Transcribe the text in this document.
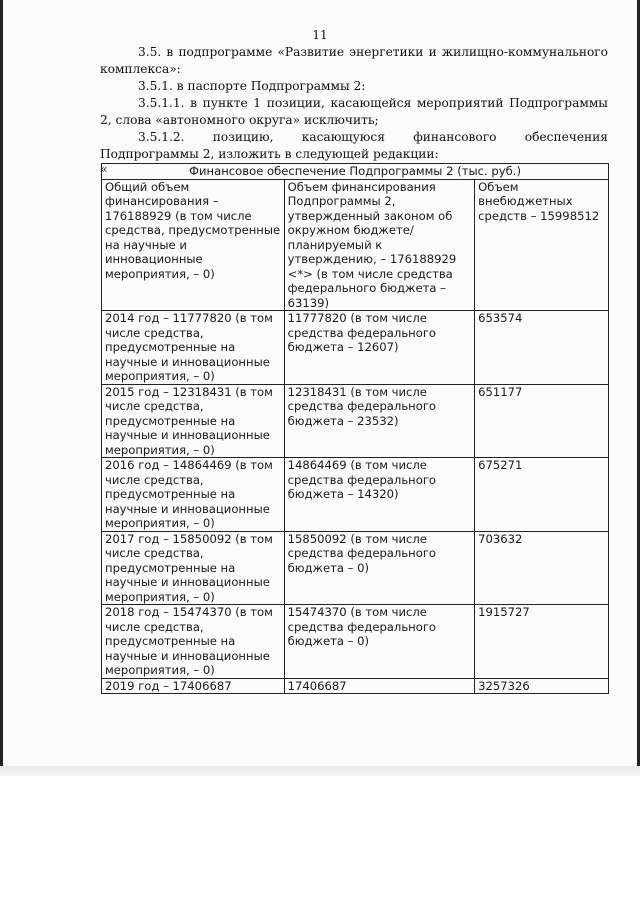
11

3.5. в подпрограмме «Развитие энергетики и жилищно-коммунального комплекса»:

3.5.1. в паспорте Подпрограммы 2:

3.5.1.1. в пункте 1 позиции, касающейся мероприятий Подпрограммы 2, слова «автономного округа» исключить;

3.5.1.2. позицию, касающуюся финансового обеспечения

Подпрограммы 2, изложить в следующей редакции:

«	Финансовое обеспечение Подпрограммы 2 (тыс. руб.)		
Общий объем финансирования – 176188929 (в том числе средства, предусмотренные на научные и инновационные мероприятия, – 0)	Объем финансирования Подпрограммы 2, утвержденный законом об окружном бюджете/планируемый к утверждению, – 176188929 <*> (в том числе средства федерального бюджета – 63139)	Объем внебюджетных средств – 15998512
2014 год – 11777820 (в том числе средства, предусмотренные на научные и инновационные мероприятия, – 0)	11777820 (в том числе средства федерального бюджета – 12607)	653574
2015 год – 12318431 (в том числе средства, предусмотренные на научные и инновационные мероприятия, – 0)	12318431 (в том числе средства федерального бюджета – 23532)	651177
2016 год – 14864469 (в том числе средства, предусмотренные на научные и инновационные мероприятия, – 0)	14864469 (в том числе средства федерального бюджета – 14320)	675271
2017 год – 15850092 (в том числе средства, предусмотренные на научные и инновационные мероприятия, – 0)	15850092 (в том числе средства федерального бюджета – 0)	703632
2018 год – 15474370 (в том числе средства, предусмотренные на научные и инновационные мероприятия, – 0)	15474370 (в том числе средства федерального бюджета – 0)	1915727
2019 год – 17406687	17406687	3257326
